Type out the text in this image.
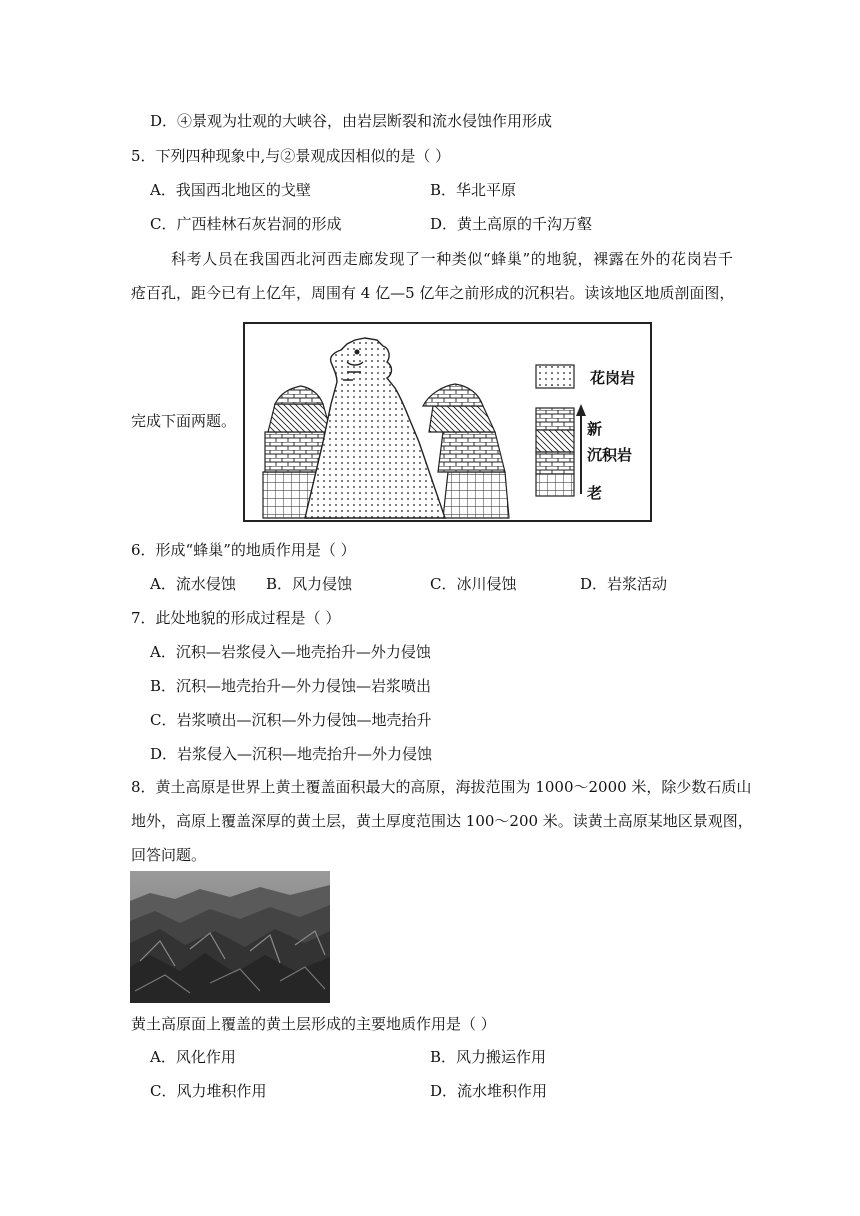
D．④景观为壮观的大峡谷，由岩层断裂和流水侵蚀作用形成
5．下列四种现象中,与②景观成因相似的是（ ）
A．我国西北地区的戈壁	B．华北平原
C．广西桂林石灰岩洞的形成	D．黄土高原的千沟万壑
科考人员在我国西北河西走廊发现了一种类似“蜂巢”的地貌，裸露在外的花岗岩千
疮百孔，距今已有上亿年，周围有 4 亿—5 亿年之前形成的沉积岩。读该地区地质剖面图，
完成下面两题。
花岗岩
新
沉积岩
老
6．形成“蜂巢”的地质作用是（ ）
A．流水侵蚀 B．风力侵蚀	C．冰川侵蚀	D．岩浆活动
7．此处地貌的形成过程是（ ）
A．沉积—岩浆侵入—地壳抬升—外力侵蚀
B．沉积—地壳抬升—外力侵蚀—岩浆喷出
C．岩浆喷出—沉积—外力侵蚀—地壳抬升
D．岩浆侵入—沉积—地壳抬升—外力侵蚀
8．黄土高原是世界上黄土覆盖面积最大的高原，海拔范围为 1000～2000 米，除少数石质山
地外，高原上覆盖深厚的黄土层，黄土厚度范围达 100～200 米。读黄土高原某地区景观图，
回答问题。
黄土高原面上覆盖的黄土层形成的主要地质作用是（ ）
A．风化作用	B．风力搬运作用
C．风力堆积作用	D．流水堆积作用
